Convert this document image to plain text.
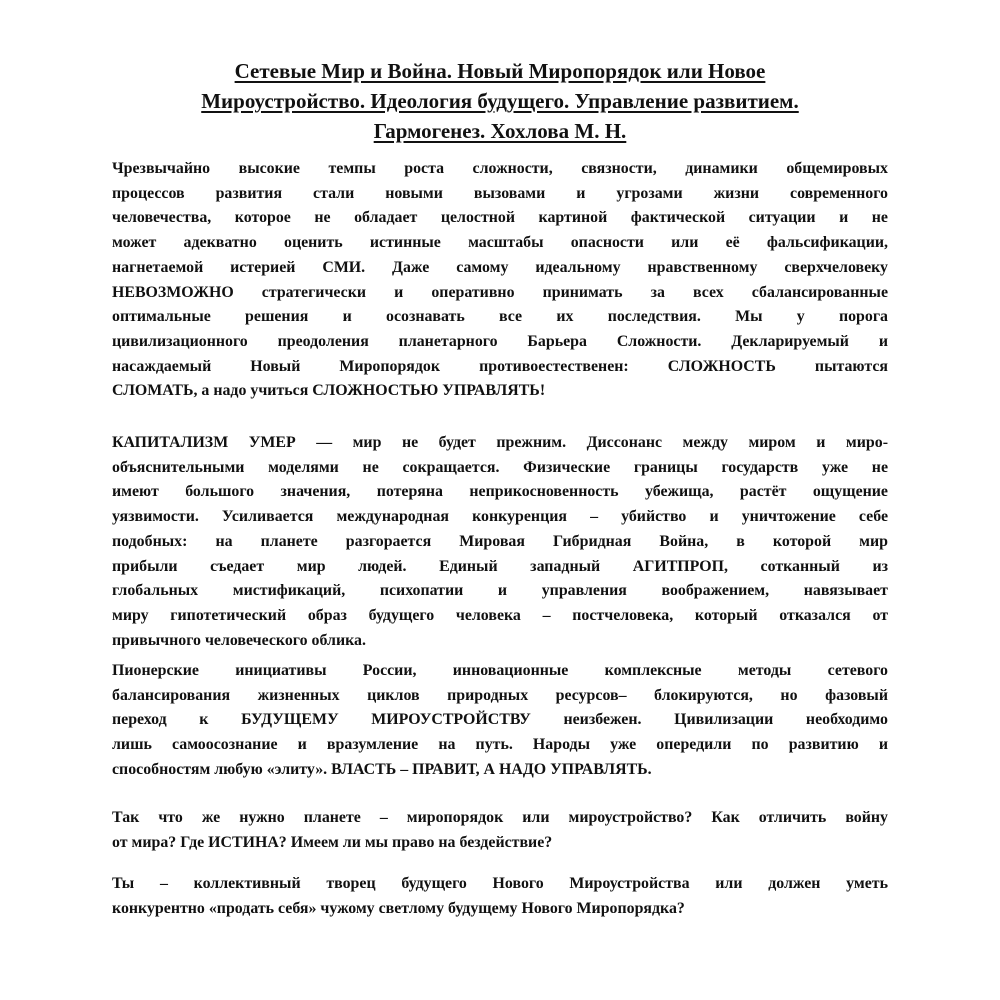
Сетевые Мир и Война. Новый Миропорядок или Новое
Мироустройство. Идеология будущего. Управление развитием.
Гармогенез. Хохлова М. Н.

Чрезвычайно высокие темпы роста сложности, связности, динамики общемировых
процессов развития стали новыми вызовами и угрозами жизни современного
человечества, которое не обладает целостной картиной фактической ситуации и не
может адекватно оценить истинные масштабы опасности или её фальсификации,
нагнетаемой истерией СМИ. Даже самому идеальному нравственному сверхчеловеку
НЕВОЗМОЖНО стратегически и оперативно принимать за всех сбалансированные
оптимальные решения и осознавать все их последствия. Мы у порога
цивилизационного преодоления планетарного Барьера Сложности. Декларируемый и
насаждаемый Новый Миропорядок противоестественен: СЛОЖНОСТЬ пытаются
СЛОМАТЬ, а надо учиться СЛОЖНОСТЬЮ УПРАВЛЯТЬ!

КАПИТАЛИЗМ УМЕР — мир не будет прежним. Диссонанс между миром и миро-
объяснительными моделями не сокращается. Физические границы государств уже не
имеют большого значения, потеряна неприкосновенность убежища, растёт ощущение
уязвимости. Усиливается международная конкуренция – убийство и уничтожение себе
подобных: на планете разгорается Мировая Гибридная Война, в которой мир
прибыли съедает мир людей. Единый западный АГИТПРОП, сотканный из
глобальных мистификаций, психопатии и управления воображением, навязывает
миру гипотетический образ будущего человека – постчеловека, который отказался от
привычного человеческого облика.

Пионерские инициативы России, инновационные комплексные методы сетевого
балансирования жизненных циклов природных ресурсов– блокируются, но фазовый
переход к БУДУЩЕМУ МИРОУСТРОЙСТВУ неизбежен. Цивилизации необходимо
лишь самоосознание и вразумление на путь. Народы уже опередили по развитию и
способностям любую «элиту». ВЛАСТЬ – ПРАВИТ, А НАДО УПРАВЛЯТЬ.

Так что же нужно планете – миропорядок или мироустройство? Как отличить войну
от мира? Где ИСТИНА? Имеем ли мы право на бездействие?

Ты – коллективный творец будущего Нового Мироустройства или должен уметь
конкурентно «продать себя» чужому светлому будущему Нового Миропорядка?
